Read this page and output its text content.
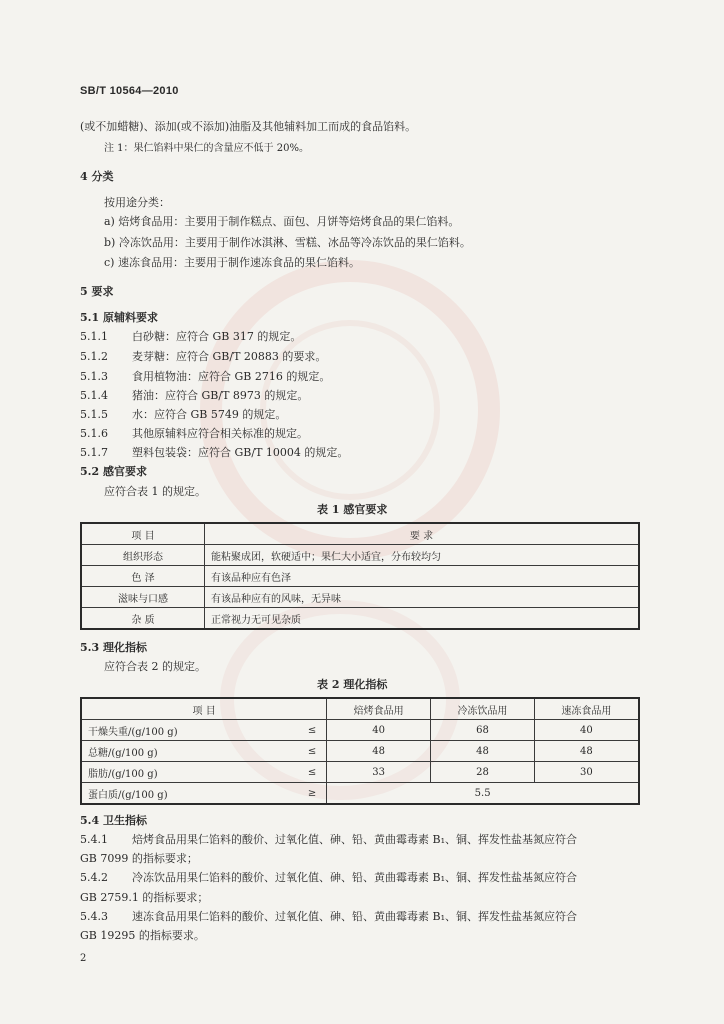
SB/T 10564—2010
(或不加蜡糖)、添加(或不添加)油脂及其他辅料加工而成的食品馅料。
注 1：果仁馅料中果仁的含量应不低于 20%。
4 分类
按用途分类：
a) 焙烤食品用：主要用于制作糕点、面包、月饼等焙烤食品的果仁馅料。
b) 冷冻饮品用：主要用于制作冰淇淋、雪糕、冰品等冷冻饮品的果仁馅料。
c) 速冻食品用：主要用于制作速冻食品的果仁馅料。
5 要求
5.1 原辅料要求
5.1.1 白砂糖：应符合 GB 317 的规定。
5.1.2 麦芽糖：应符合 GB/T 20883 的要求。
5.1.3 食用植物油：应符合 GB 2716 的规定。
5.1.4 猪油：应符合 GB/T 8973 的规定。
5.1.5 水：应符合 GB 5749 的规定。
5.1.6 其他原辅料应符合相关标准的规定。
5.1.7 塑料包装袋：应符合 GB/T 10004 的规定。
5.2 感官要求
应符合表 1 的规定。
表 1 感官要求
项 目	要 求
组织形态	能粘聚成团，软硬适中；果仁大小适宜，分布较均匀
色 泽	有该品种应有色泽
滋味与口感	有该品种应有的风味，无异味
杂 质	正常视力无可见杂质
5.3 理化指标
应符合表 2 的规定。
表 2 理化指标
项 目		焙烤食品用	冷冻饮品用	速冻食品用
干燥失重/(g/100 g)	≤	40	68	40
总糖/(g/100 g)	≤	48	48	48
脂肪/(g/100 g)	≤	33	28	30
蛋白质/(g/100 g)	≥	5.5		
5.4 卫生指标
5.4.1 焙烤食品用果仁馅料的酸价、过氧化值、砷、铅、黄曲霉毒素 B₁、铜、挥发性盐基氮应符合
GB 7099 的指标要求；
5.4.2 冷冻饮品用果仁馅料的酸价、过氧化值、砷、铅、黄曲霉毒素 B₁、铜、挥发性盐基氮应符合
GB 2759.1 的指标要求；
5.4.3 速冻食品用果仁馅料的酸价、过氧化值、砷、铅、黄曲霉毒素 B₁、铜、挥发性盐基氮应符合
GB 19295 的指标要求。
2
